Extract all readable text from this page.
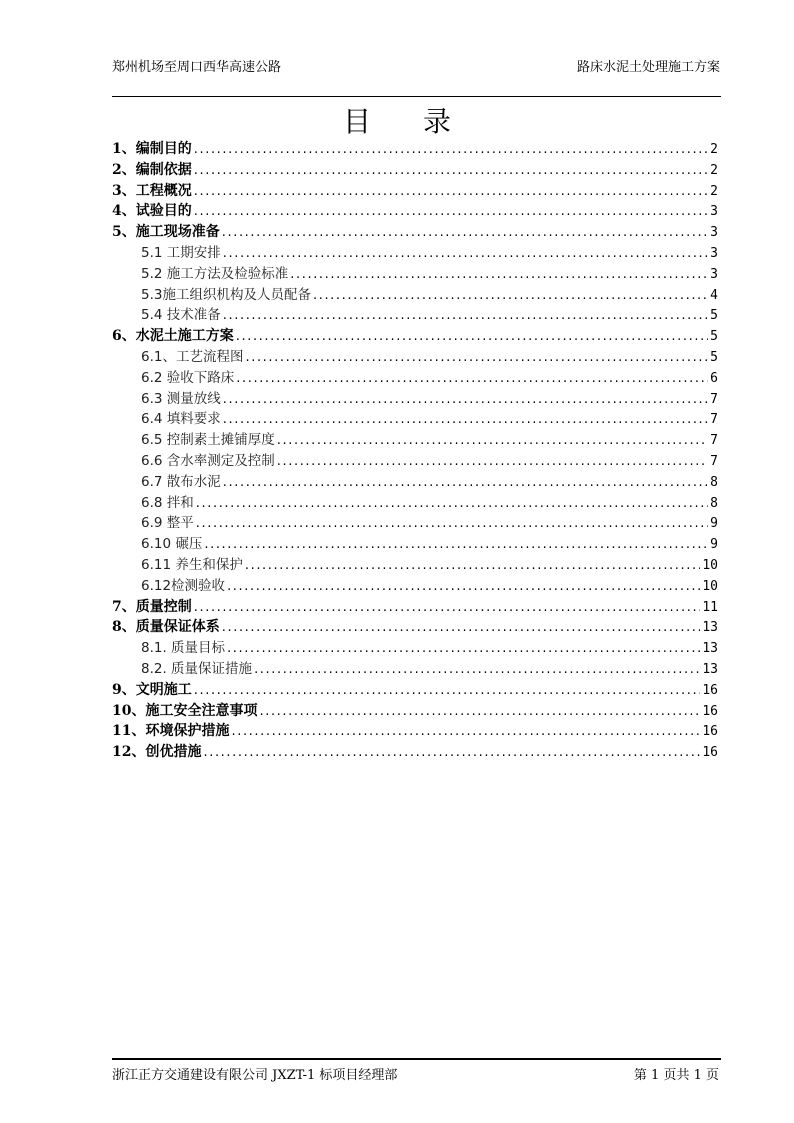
郑州机场至周口西华高速公路	路床水泥土处理施工方案
目录
1、编制目的 .....	2
2、编制依据 .....	2
3、工程概况 .....	2
4、试验目的 .....	3
5、施工现场准备 .....	3
5.1 工期安排 .....	3
5.2 施工方法及检验标准 .....	3
5.3施工组织机构及人员配备 .....	4
5.4 技术准备 .....	5
6、水泥土施工方案 .....	5
6.1、工艺流程图 .....	5
6.2 验收下路床 .....	6
6.3 测量放线 .....	7
6.4 填料要求 .....	7
6.5 控制素土摊铺厚度 .....	7
6.6 含水率测定及控制 .....	7
6.7 散布水泥 .....	8
6.8 拌和 .....	8
6.9 整平 .....	9
6.10 碾压 .....	9
6.11 养生和保护 .....	10
6.12检测验收 .....	10
7、质量控制 .....	11
8、质量保证体系 .....	13
8.1. 质量目标 .....	13
8.2. 质量保证措施 .....	13
9、文明施工 .....	16
10、施工安全注意事项 .....	16
11、环境保护措施 .....	16
12、创优措施 .....	16
浙江正方交通建设有限公司 JXZT-1 标项目经理部	第 1 页共 1 页
